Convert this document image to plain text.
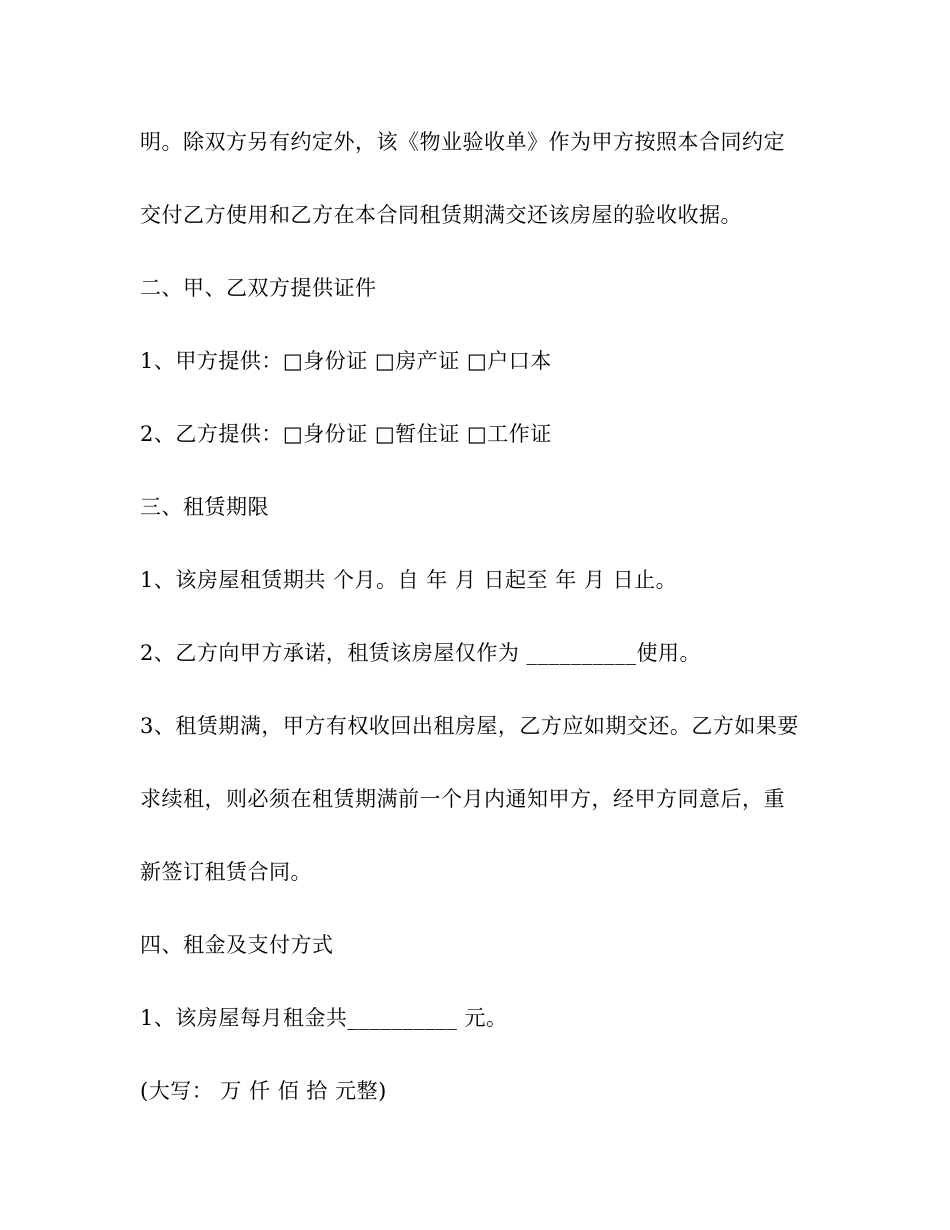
明。除双方另有约定外，该《物业验收单》作为甲方按照本合同约定
交付乙方使用和乙方在本合同租赁期满交还该房屋的验收收据。
二、甲、乙双方提供证件
1、甲方提供：□身份证 □房产证 □户口本
2、乙方提供：□身份证 □暂住证 □工作证
三、租赁期限
1、该房屋租赁期共 个月。自 年 月 日起至 年 月 日止。
2、乙方向甲方承诺，租赁该房屋仅作为 __________使用。
3、租赁期满，甲方有权收回出租房屋，乙方应如期交还。乙方如果要
求续租，则必须在租赁期满前一个月内通知甲方，经甲方同意后，重
新签订租赁合同。
四、租金及支付方式
1、该房屋每月租金共__________ 元。
(大写： 万 仟 佰 拾 元整)
